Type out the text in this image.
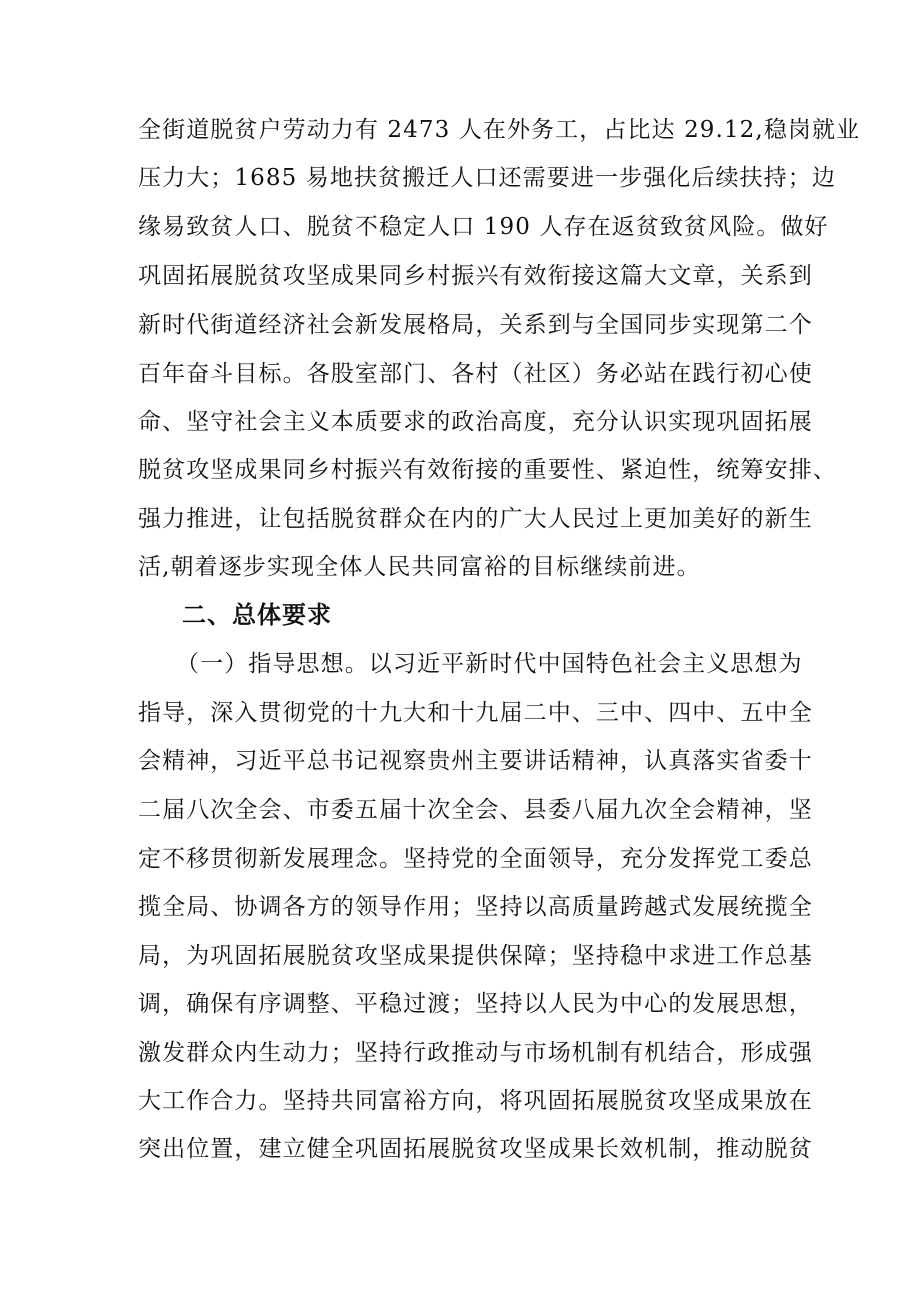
全街道脱贫户劳动力有 2473 人在外务工，占比达 29.12,稳岗就业
压力大；1685 易地扶贫搬迁人口还需要进一步强化后续扶持；边
缘易致贫人口、脱贫不稳定人口 190 人存在返贫致贫风险。做好
巩固拓展脱贫攻坚成果同乡村振兴有效衔接这篇大文章，关系到
新时代街道经济社会新发展格局，关系到与全国同步实现第二个
百年奋斗目标。各股室部门、各村（社区）务必站在践行初心使
命、坚守社会主义本质要求的政治高度，充分认识实现巩固拓展
脱贫攻坚成果同乡村振兴有效衔接的重要性、紧迫性，统筹安排、
强力推进，让包括脱贫群众在内的广大人民过上更加美好的新生
活,朝着逐步实现全体人民共同富裕的目标继续前进。
二、总体要求
（一）指导思想。以习近平新时代中国特色社会主义思想为
指导，深入贯彻党的十九大和十九届二中、三中、四中、五中全
会精神，习近平总书记视察贵州主要讲话精神，认真落实省委十
二届八次全会、市委五届十次全会、县委八届九次全会精神，坚
定不移贯彻新发展理念。坚持党的全面领导，充分发挥党工委总
揽全局、协调各方的领导作用；坚持以高质量跨越式发展统揽全
局，为巩固拓展脱贫攻坚成果提供保障；坚持稳中求进工作总基
调，确保有序调整、平稳过渡；坚持以人民为中心的发展思想，
激发群众内生动力；坚持行政推动与市场机制有机结合，形成强
大工作合力。坚持共同富裕方向，将巩固拓展脱贫攻坚成果放在
突出位置，建立健全巩固拓展脱贫攻坚成果长效机制，推动脱贫
